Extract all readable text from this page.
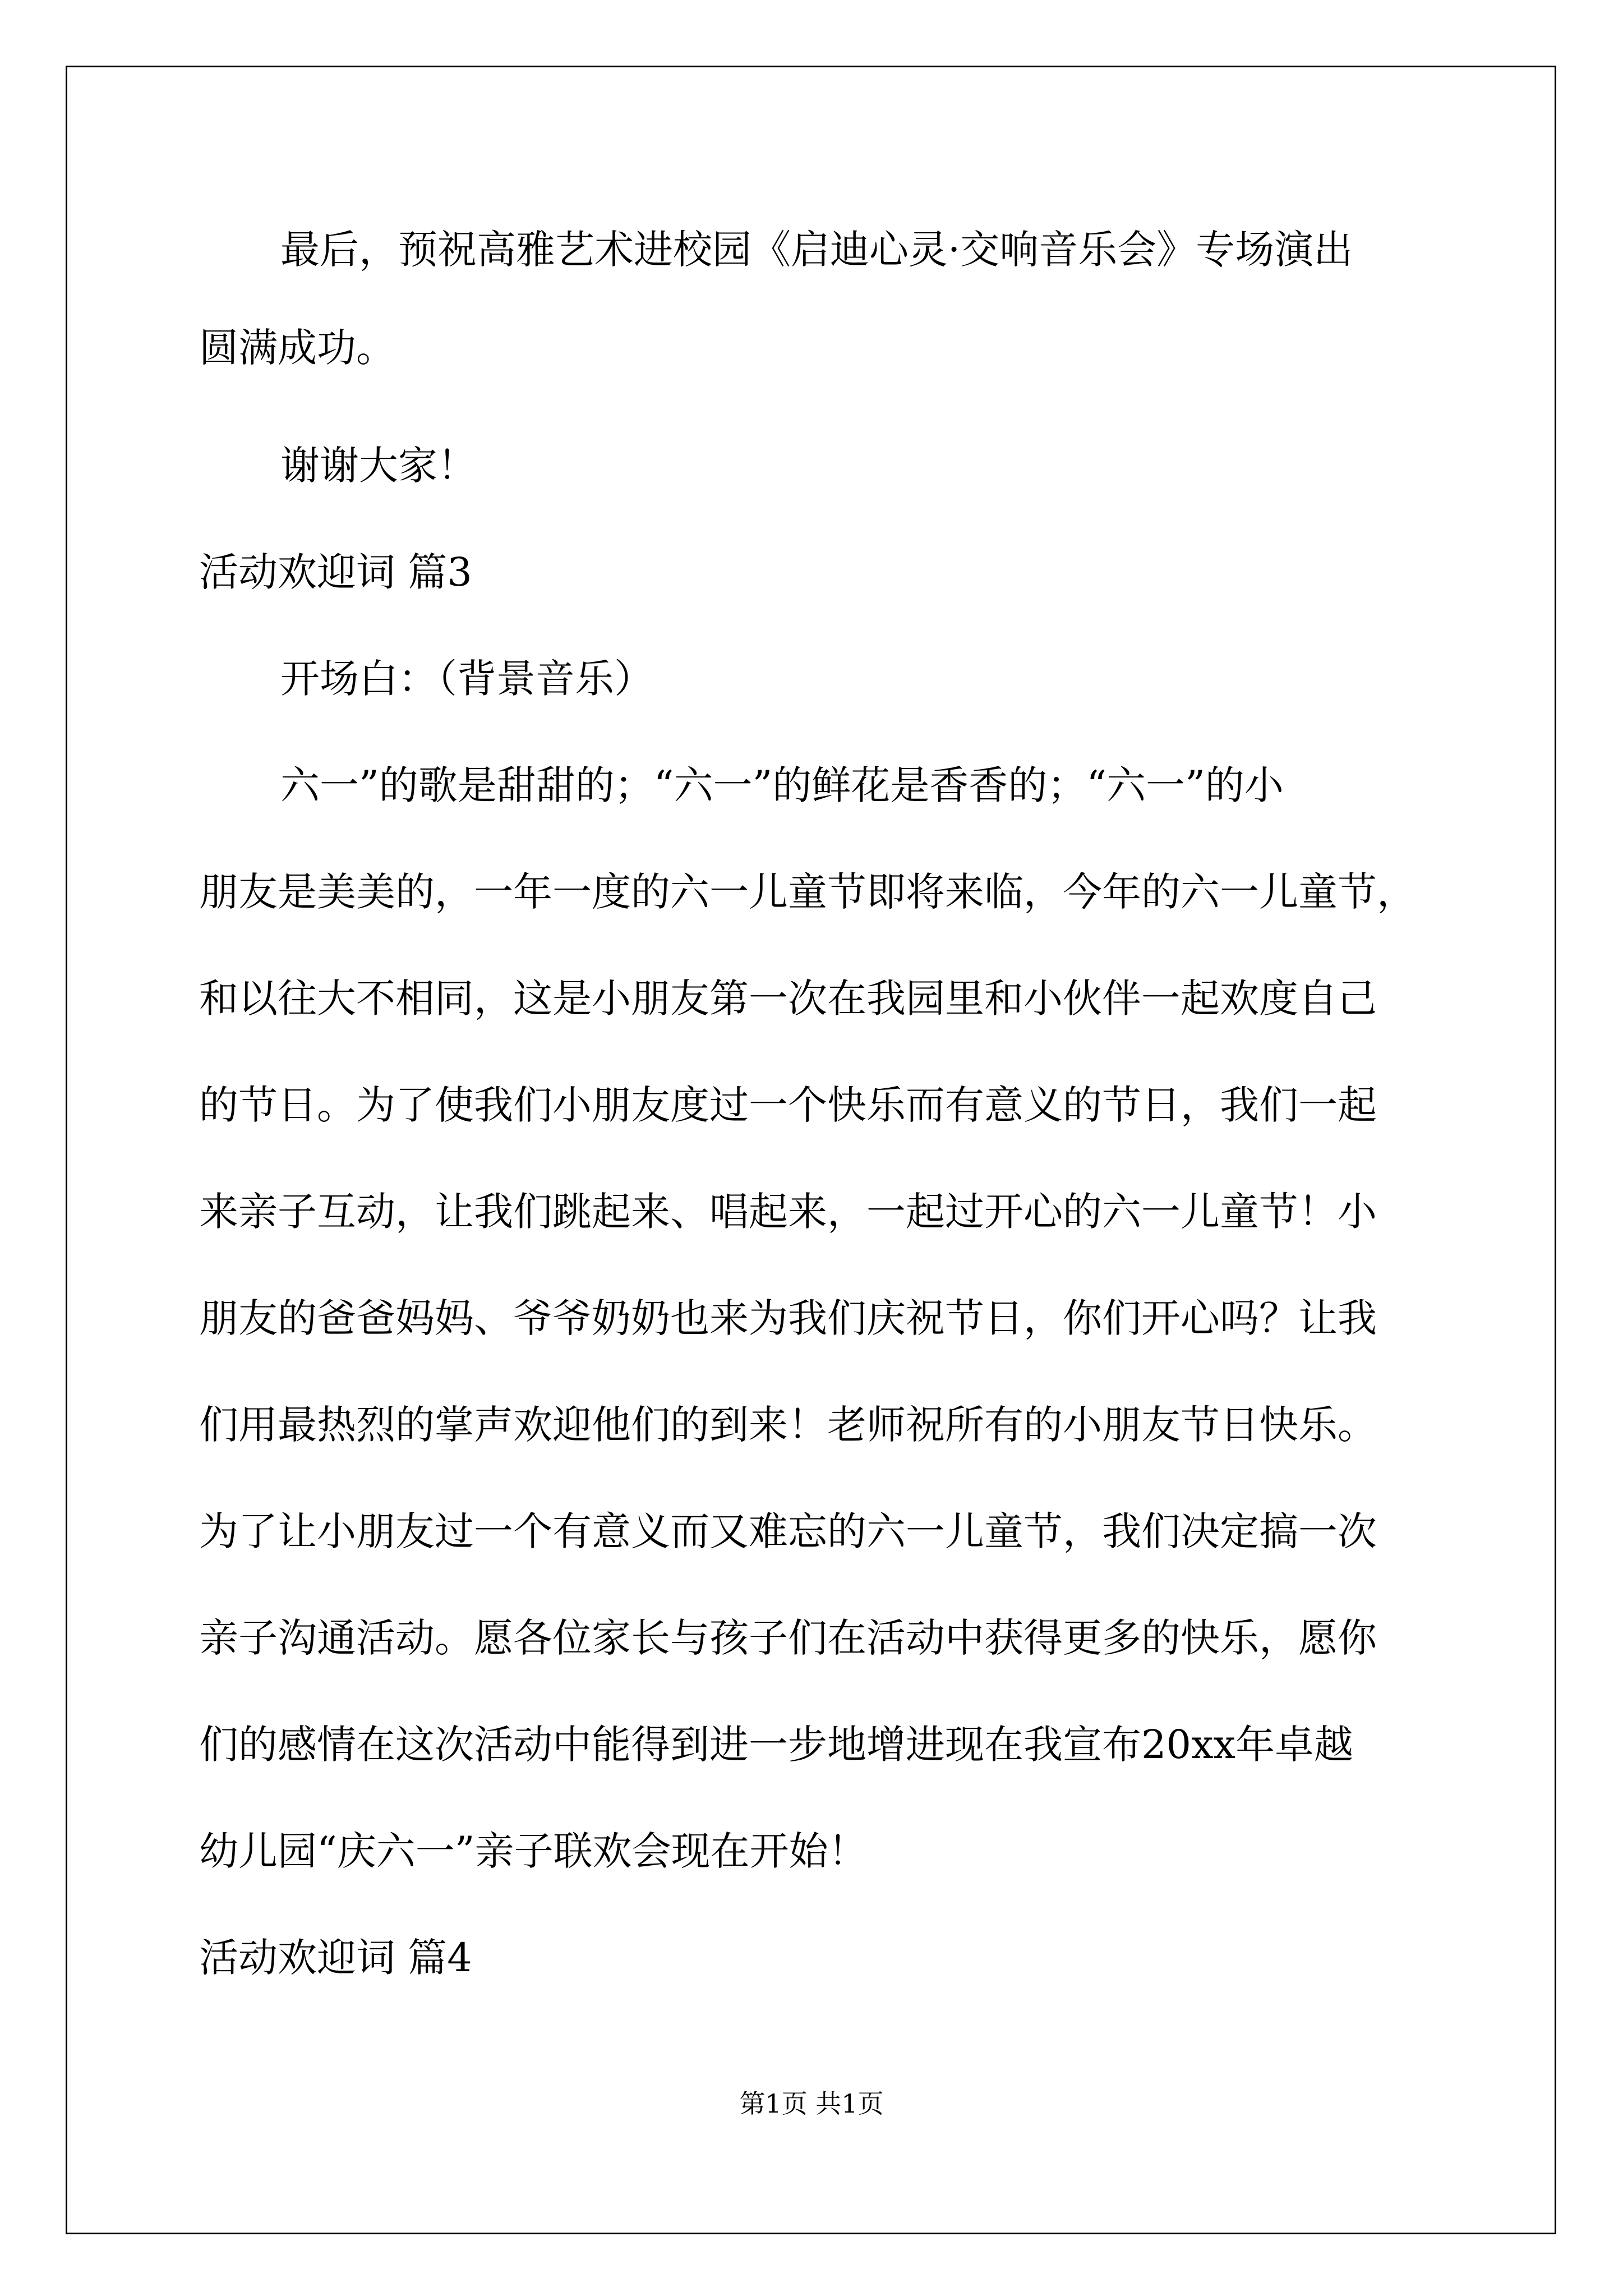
最后，预祝高雅艺术进校园《启迪心灵·交响音乐会》专场演出

圆满成功。

谢谢大家！

活动欢迎词 篇3

开场白：（背景音乐）

六一”的歌是甜甜的；“六一”的鲜花是香香的；“六一”的小

朋友是美美的，一年一度的六一儿童节即将来临，今年的六一儿童节，

和以往大不相同，这是小朋友第一次在我园里和小伙伴一起欢度自己

的节日。为了使我们小朋友度过一个快乐而有意义的节日，我们一起

来亲子互动，让我们跳起来、唱起来，一起过开心的六一儿童节！小

朋友的爸爸妈妈、爷爷奶奶也来为我们庆祝节日，你们开心吗？让我

们用最热烈的掌声欢迎他们的到来！老师祝所有的小朋友节日快乐。

为了让小朋友过一个有意义而又难忘的六一儿童节，我们决定搞一次

亲子沟通活动。愿各位家长与孩子们在活动中获得更多的快乐，愿你

们的感情在这次活动中能得到进一步地增进现在我宣布20xx年卓越

幼儿园“庆六一”亲子联欢会现在开始！

活动欢迎词 篇4

第1页 共1页
